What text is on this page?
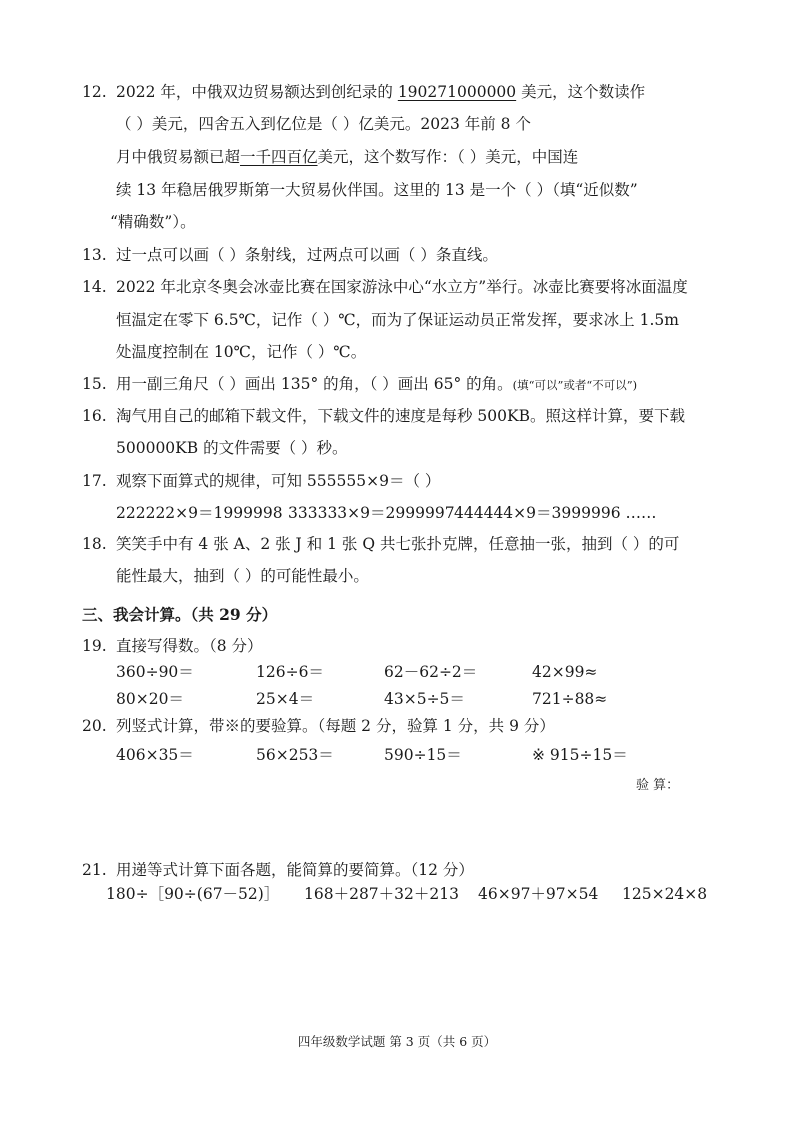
12. 2022 年，中俄双边贸易额达到创纪录的 190271000000 美元，这个数读作
（ ）美元，四舍五入到亿位是（ ）亿美元。2023 年前 8 个
月中俄贸易额已超一千四百亿美元，这个数写作：（ ）美元，中国连
续 13 年稳居俄罗斯第一大贸易伙伴国。这里的 13 是一个（ ）（填“近似数”
“精确数”）。
13. 过一点可以画（ ）条射线，过两点可以画（ ）条直线。
14. 2022 年北京冬奥会冰壶比赛在国家游泳中心“水立方”举行。冰壶比赛要将冰面温度
恒温定在零下 6.5℃，记作（ ）℃，而为了保证运动员正常发挥，要求冰上 1.5m
处温度控制在 10℃，记作（ ）℃。
15. 用一副三角尺（ ）画出 135° 的角，（ ）画出 65° 的角。(填“可以”或者“不可以”)
16. 淘气用自己的邮箱下载文件，下载文件的速度是每秒 500KB。照这样计算，要下载
500000KB 的文件需要（ ）秒。
17. 观察下面算式的规律，可知 555555×9＝（ ）
222222×9＝1999998 333333×9＝2999997 444444×9＝3999996 ……
18. 笑笑手中有 4 张 A、2 张 J 和 1 张 Q 共七张扑克牌，任意抽一张，抽到（ ）的可
能性最大，抽到（ ）的可能性最小。
三、我会计算。（共 29 分）
19. 直接写得数。（8 分）
360÷90＝	126÷6＝	62－62÷2＝	42×99≈
80×20＝	25×4＝	43×5÷5＝	721÷88≈
20. 列竖式计算，带※的要验算。（每题 2 分，验算 1 分，共 9 分）
406×35＝	56×253＝	590÷15＝	※ 915÷15＝
验 算：
21. 用递等式计算下面各题，能简算的要简算。（12 分）
180÷［90÷(67－52)］ 168＋287＋32＋213 46×97＋97×54 125×24×8
四年级数学试题 第 3 页（共 6 页）
